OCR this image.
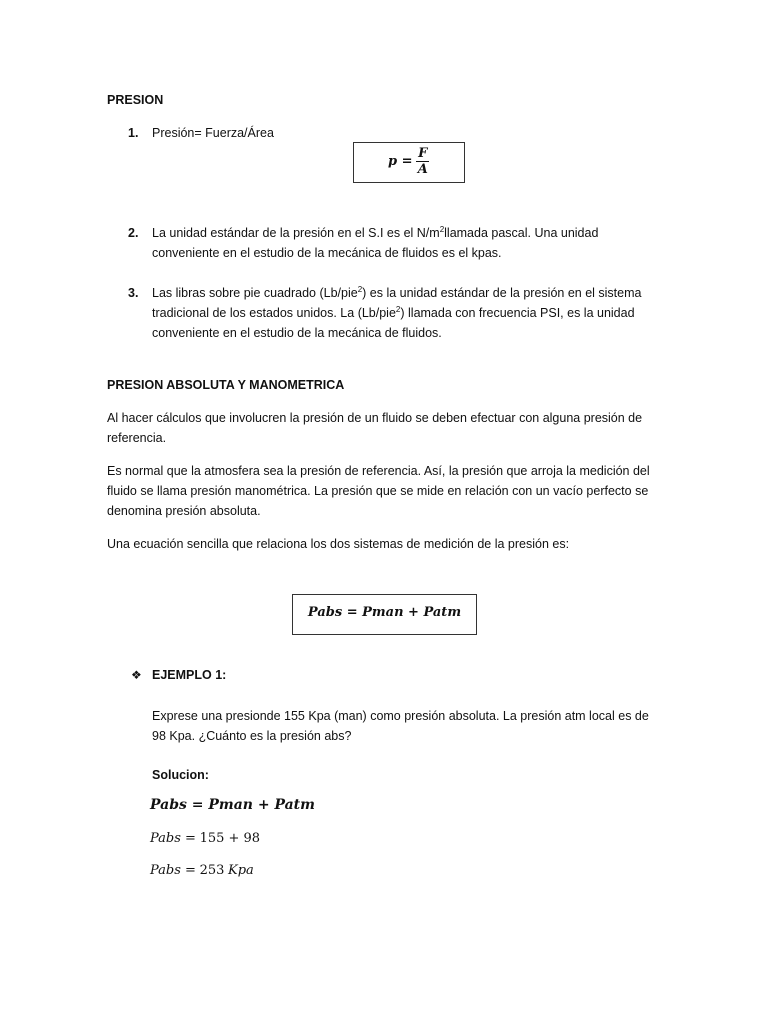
PRESION
1. Presión= Fuerza/Área
$p = \frac{F}{A}$
2. La unidad estándar de la presión en el S.I es el $N/m^2llamada$ pascal. Una unidad
conveniente en el estudio de la mecánica de fluidos es el kpas.
3. Las libras sobre pie cuadrado (Lb/pie$^2$) es la unidad estándar de la presión en el sistema
tradicional de los estados unidos. La (Lb/pie$^2$) llamada con frecuencia PSI, es la unidad
conveniente en el estudio de la mecánica de fluidos.
PRESION ABSOLUTA Y MANOMETRICA
Al hacer cálculos que involucren la presión de un fluido se deben efectuar con alguna presión de
referencia.
Es normal que la atmosfera sea la presión de referencia. Así, la presión que arroja la medición del
fluido se llama presión manométrica. La presión que se mide en relación con un vacío perfecto se
denomina presión absoluta.
Una ecuación sencilla que relaciona los dos sistemas de medición de la presión es:
Pabs = Pman + Patm
❖ EJEMPLO 1:
Exprese una presionde 155 Kpa (man) como presión absoluta. La presión atm local es de
98 Kpa. ¿Cuánto es la presión abs?
Solucion:
Pabs = Pman + Patm
Pabs = 155 + 98
Pabs = 253 Kpa
